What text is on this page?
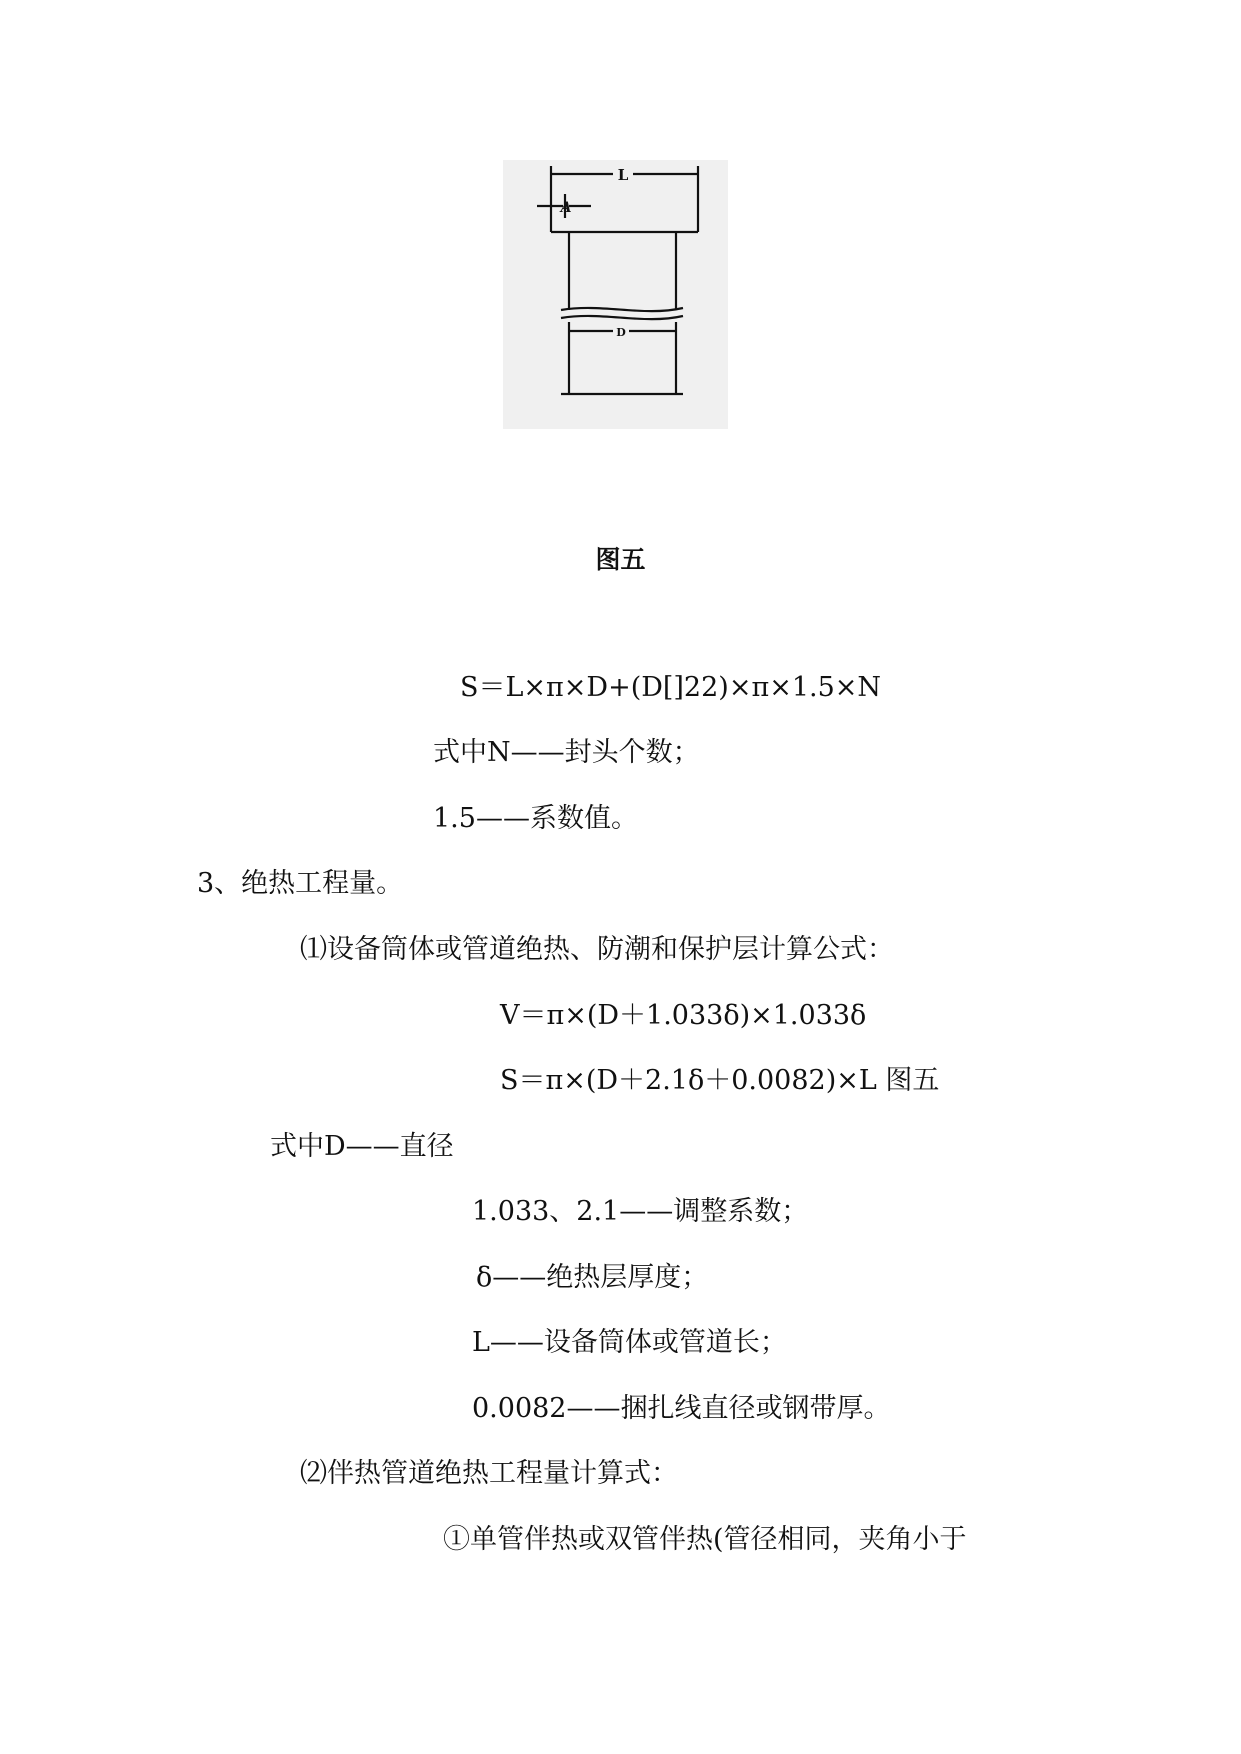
L
A
D
图五
S＝L×π×D+(D[]22)×π×1.5×N
式中N——封头个数；
1.5——系数值。
3、绝热工程量。
⑴设备筒体或管道绝热、防潮和保护层计算公式：
V＝π×(D＋1.033δ)×1.033δ
S＝π×(D＋2.1δ＋0.0082)×L 图五
式中D——直径
1.033、2.1——调整系数；
δ——绝热层厚度；
L——设备筒体或管道长；
0.0082——捆扎线直径或钢带厚。
⑵伴热管道绝热工程量计算式：
①单管伴热或双管伴热(管径相同，夹角小于
